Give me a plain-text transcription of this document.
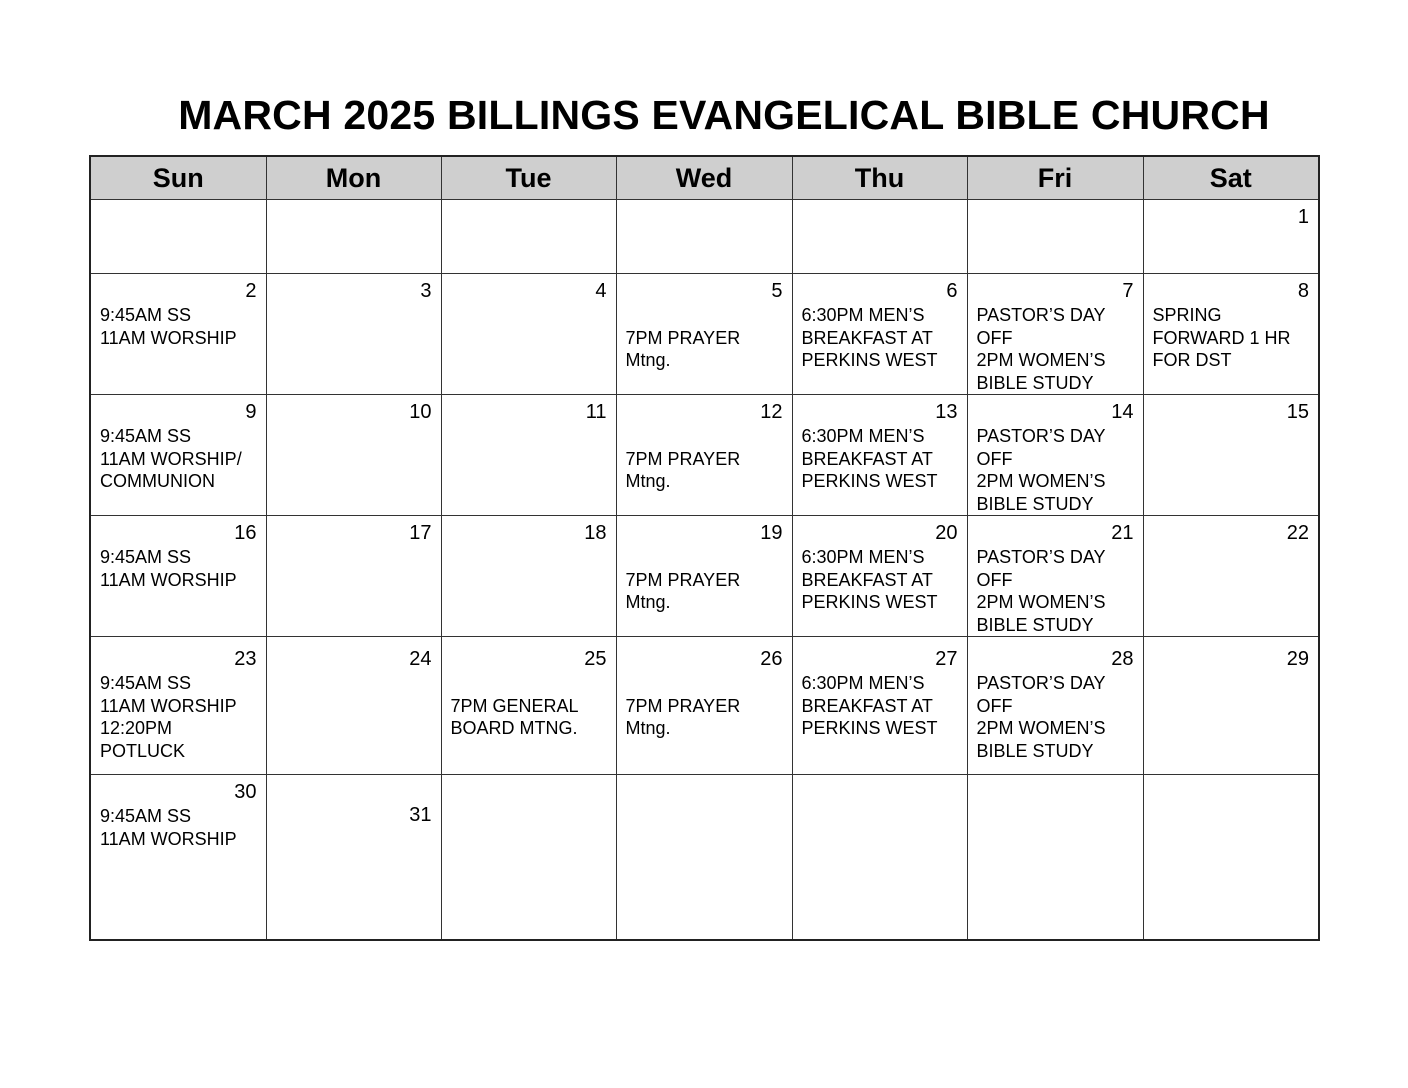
MARCH 2025 BILLINGS EVANGELICAL BIBLE CHURCH
Sun	Mon	Tue	Wed	Thu	Fri	Sat

						1

2
9:45AM SS
11AM WORSHIP	3	4	5
7PM PRAYER
Mtng.	6
6:30PM MEN’S
BREAKFAST AT
PERKINS WEST	7
PASTOR’S DAY
OFF
2PM WOMEN’S
BIBLE STUDY	8
SPRING
FORWARD 1 HR
FOR DST

9
9:45AM SS
11AM WORSHIP/
COMMUNION	10	11	12
7PM PRAYER
Mtng.	13
6:30PM MEN’S
BREAKFAST AT
PERKINS WEST	14
PASTOR’S DAY
OFF
2PM WOMEN’S
BIBLE STUDY	15

16
9:45AM SS
11AM WORSHIP	17	18	19
7PM PRAYER
Mtng.	20
6:30PM MEN’S
BREAKFAST AT
PERKINS WEST	21
PASTOR’S DAY
OFF
2PM WOMEN’S
BIBLE STUDY	22

23
9:45AM SS
11AM WORSHIP
12:20PM
POTLUCK	24	25
7PM GENERAL
BOARD MTNG.	26
7PM PRAYER
Mtng.	27
6:30PM MEN’S
BREAKFAST AT
PERKINS WEST	28
PASTOR’S DAY
OFF
2PM WOMEN’S
BIBLE STUDY	29

30
9:45AM SS
11AM WORSHIP	31					
